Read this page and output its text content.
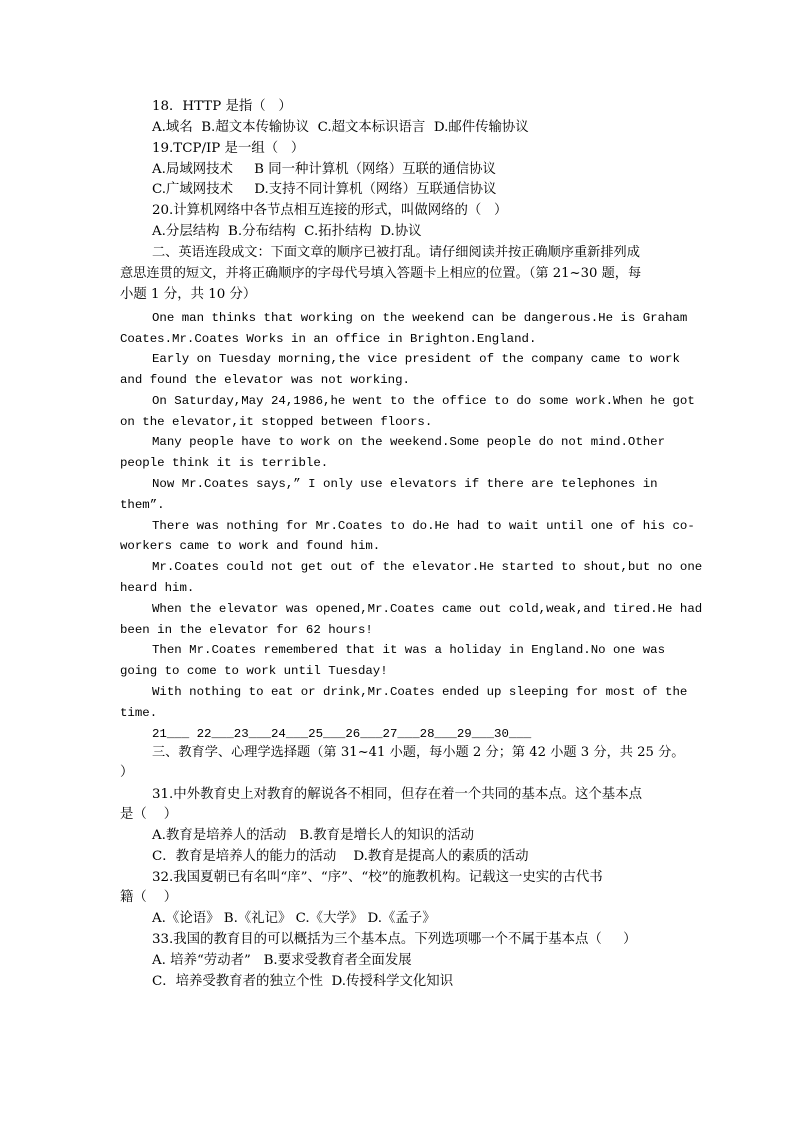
18．HTTP 是指（   ）
A.域名  B.超文本传输协议  C.超文本标识语言  D.邮件传输协议
19.TCP/IP 是一组（   ）
A.局域网技术     B 同一种计算机（网络）互联的通信协议
C.广域网技术     D.支持不同计算机（网络）互联通信协议
20.计算机网络中各节点相互连接的形式，叫做网络的（   ）
A.分层结构  B.分布结构  C.拓扑结构  D.协议
二、英语连段成文：下面文章的顺序已被打乱。请仔细阅读并按正确顺序重新排列成
意思连贯的短文，并将正确顺序的字母代号填入答题卡上相应的位置。（第 21~30 题，每
小题 1 分，共 10 分）
One man thinks that working on the weekend can be dangerous.He is Graham
Coates.Mr.Coates Works in an office in Brighton.England.
Early on Tuesday morning,the vice president of the company came to work
and found the elevator was not working.
On Saturday,May 24,1986,he went to the office to do some work.When he got
on the elevator,it stopped between floors.
Many people have to work on the weekend.Some people do not mind.Other
people think it is terrible.
Now Mr.Coates says,” I only use elevators if there are telephones in
them”.
There was nothing for Mr.Coates to do.He had to wait until one of his co-
workers came to work and found him.
Mr.Coates could not get out of the elevator.He started to shout,but no one
heard him.
When the elevator was opened,Mr.Coates came out cold,weak,and tired.He had
been in the elevator for 62 hours!
Then Mr.Coates remembered that it was a holiday in England.No one was
going to come to work until Tuesday!
With nothing to eat or drink,Mr.Coates ended up sleeping for most of the
time.
21___ 22___23___24___25___26___27___28___29___30___
三、教育学、心理学选择题（第 31~41 小题，每小题 2 分；第 42 小题 3 分，共 25 分。
）
31.中外教育史上对教育的解说各不相同，但存在着一个共同的基本点。这个基本点
是（    ）
A.教育是培养人的活动   B.教育是增长人的知识的活动
C．教育是培养人的能力的活动    D.教育是提高人的素质的活动
32.我国夏朝已有名叫“庠”、“序”、“校”的施教机构。记载这一史实的古代书
籍（    ）
A.《论语》 B.《礼记》 C.《大学》 D.《孟子》
33.我国的教育目的可以概括为三个基本点。下列选项哪一个不属于基本点（     ）
A. 培养“劳动者”   B.要求受教育者全面发展
C．培养受教育者的独立个性  D.传授科学文化知识
